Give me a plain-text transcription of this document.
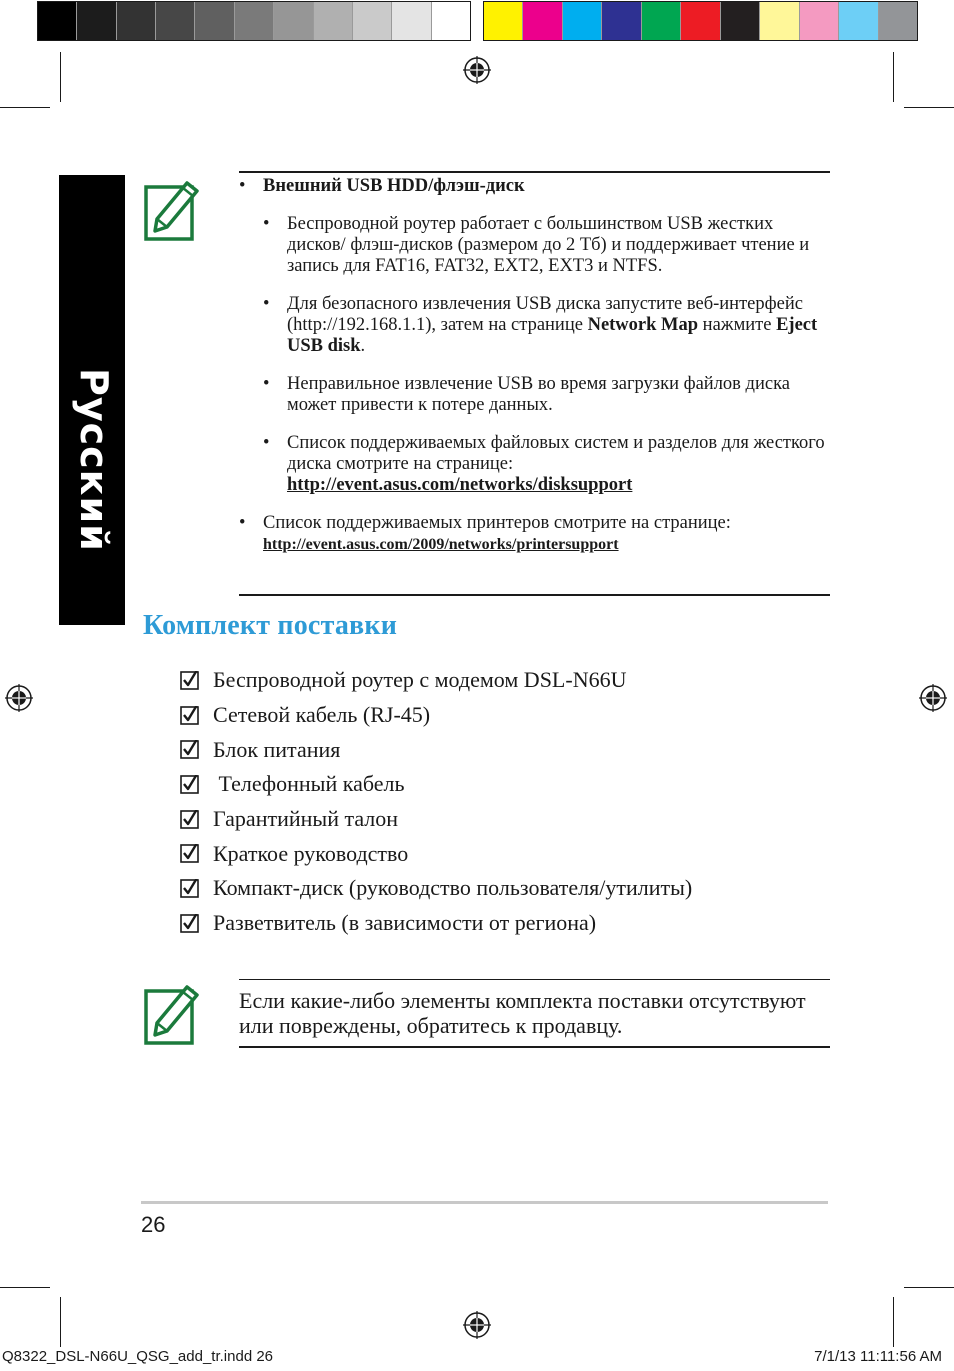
Русский

• Внешний USB HDD/флэш-диск

• Беспроводной роутер работает с большинством USB жестких дисков/ флэш-дисков (размером до 2 Тб) и поддерживает чтение и запись для FAT16, FAT32, EXT2, EXT3 и NTFS.

• Для безопасного извлечения USB диска запустите веб-интерфейс (http://192.168.1.1), затем на странице Network Map нажмите Eject USB disk.

• Неправильное извлечение USB во время загрузки файлов диска может привести к потере данных.

• Список поддерживаемых файловых систем и разделов для жесткого диска смотрите на странице:
http://event.asus.com/networks/disksupport

• Список поддерживаемых принтеров смотрите на странице:
http://event.asus.com/2009/networks/printersupport

Комплект поставки
Беспроводной роутер с модемом DSL-N66U
Сетевой кабель (RJ-45)
Блок питания
Телефонный кабель
Гарантийный талон
Краткое руководство
Компакт-диск (руководство пользователя/утилиты)
Разветвитель (в зависимости от региона)
Если какие-либо элементы комплекта поставки отсутствуют или повреждены, обратитесь к продавцу.
26
Q8322_DSL-N66U_QSG_add_tr.indd 26	7/1/13 11:11:56 AM
